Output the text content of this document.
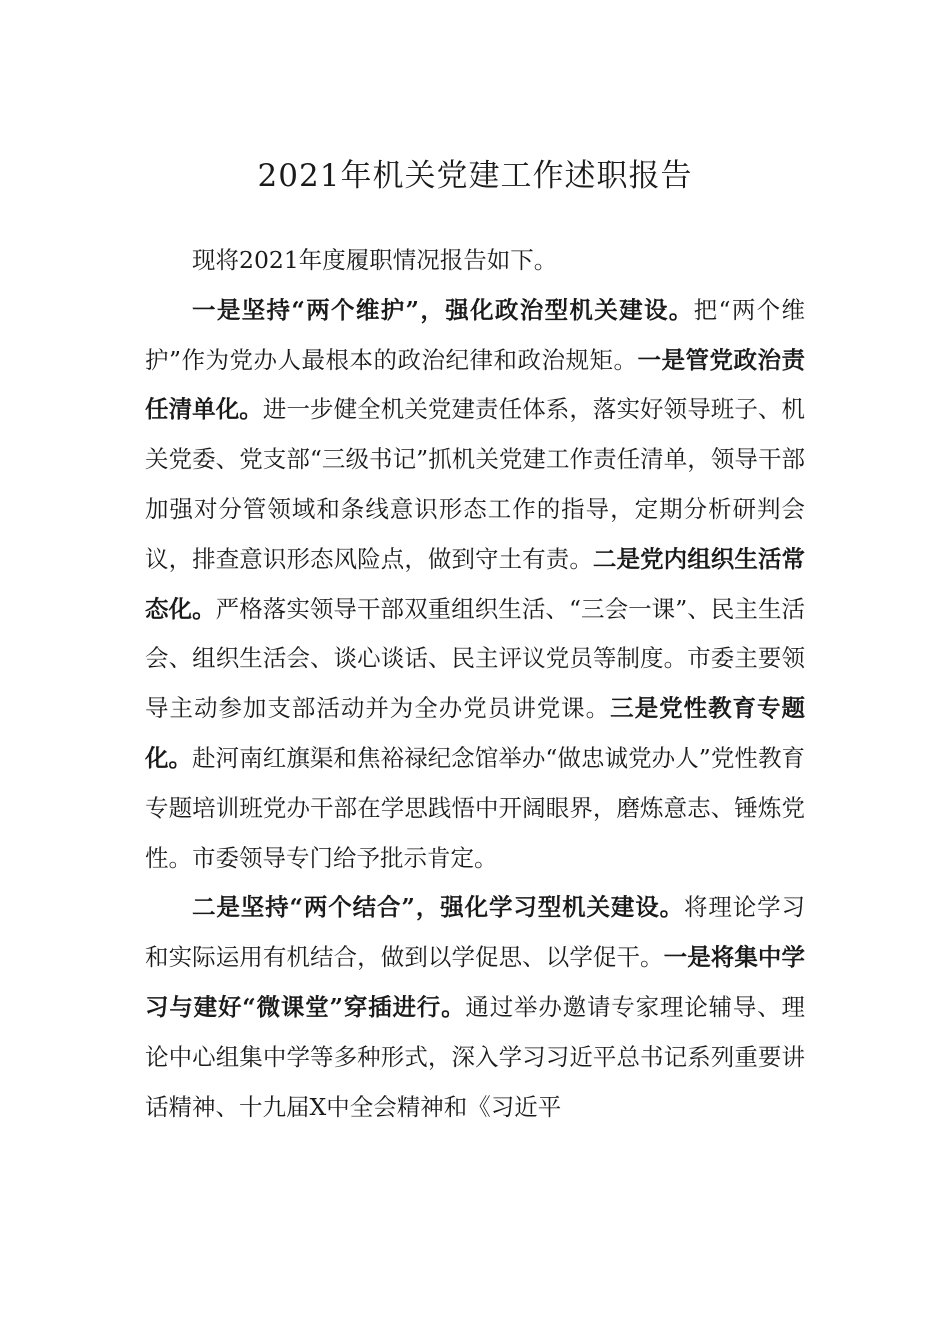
2021年机关党建工作述职报告

现将2021年度履职情况报告如下。

一是坚持“两个维护”，强化政治型机关建设。把“两个维护”作为党办人最根本的政治纪律和政治规矩。一是管党政治责任清单化。进一步健全机关党建责任体系，落实好领导班子、机关党委、党支部“三级书记”抓机关党建工作责任清单，领导干部加强对分管领域和条线意识形态工作的指导，定期分析研判会议，排查意识形态风险点，做到守土有责。二是党内组织生活常态化。严格落实领导干部双重组织生活、“三会一课”、民主生活会、组织生活会、谈心谈话、民主评议党员等制度。市委主要领导主动参加支部活动并为全办党员讲党课。三是党性教育专题化。赴河南红旗渠和焦裕禄纪念馆举办“做忠诚党办人”党性教育专题培训班党办干部在学思践悟中开阔眼界，磨炼意志、锤炼党性。市委领导专门给予批示肯定。

二是坚持“两个结合”，强化学习型机关建设。将理论学习和实际运用有机结合，做到以学促思、以学促干。一是将集中学习与建好“微课堂”穿插进行。通过举办邀请专家理论辅导、理论中心组集中学等多种形式，深入学习习近平总书记系列重要讲话精神、十九届X中全会精神和《习近平
